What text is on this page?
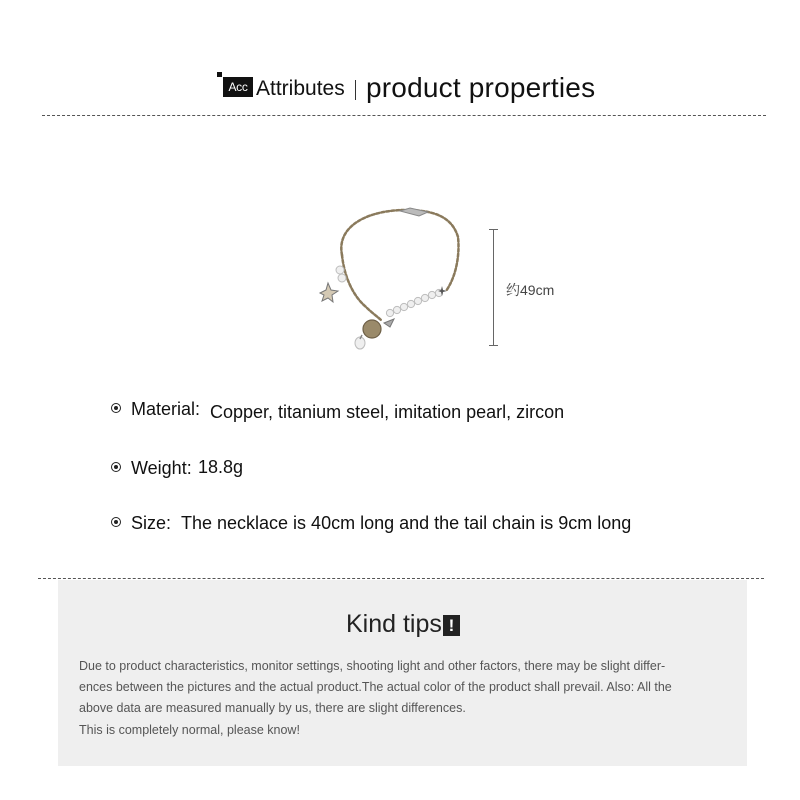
Acc Attributes product properties
约49cm
Material: Copper, titanium steel, imitation pearl, zircon
Weight: 18.8g
Size: The necklace is 40cm long and the tail chain is 9cm long
Kind tips !
Due to product characteristics, monitor settings, shooting light and other factors, there may be slight differ-
ences between the pictures and the actual product.The actual color of the product shall prevail. Also: All the
above data are measured manually by us, there are slight differences.
This is completely normal, please know!
